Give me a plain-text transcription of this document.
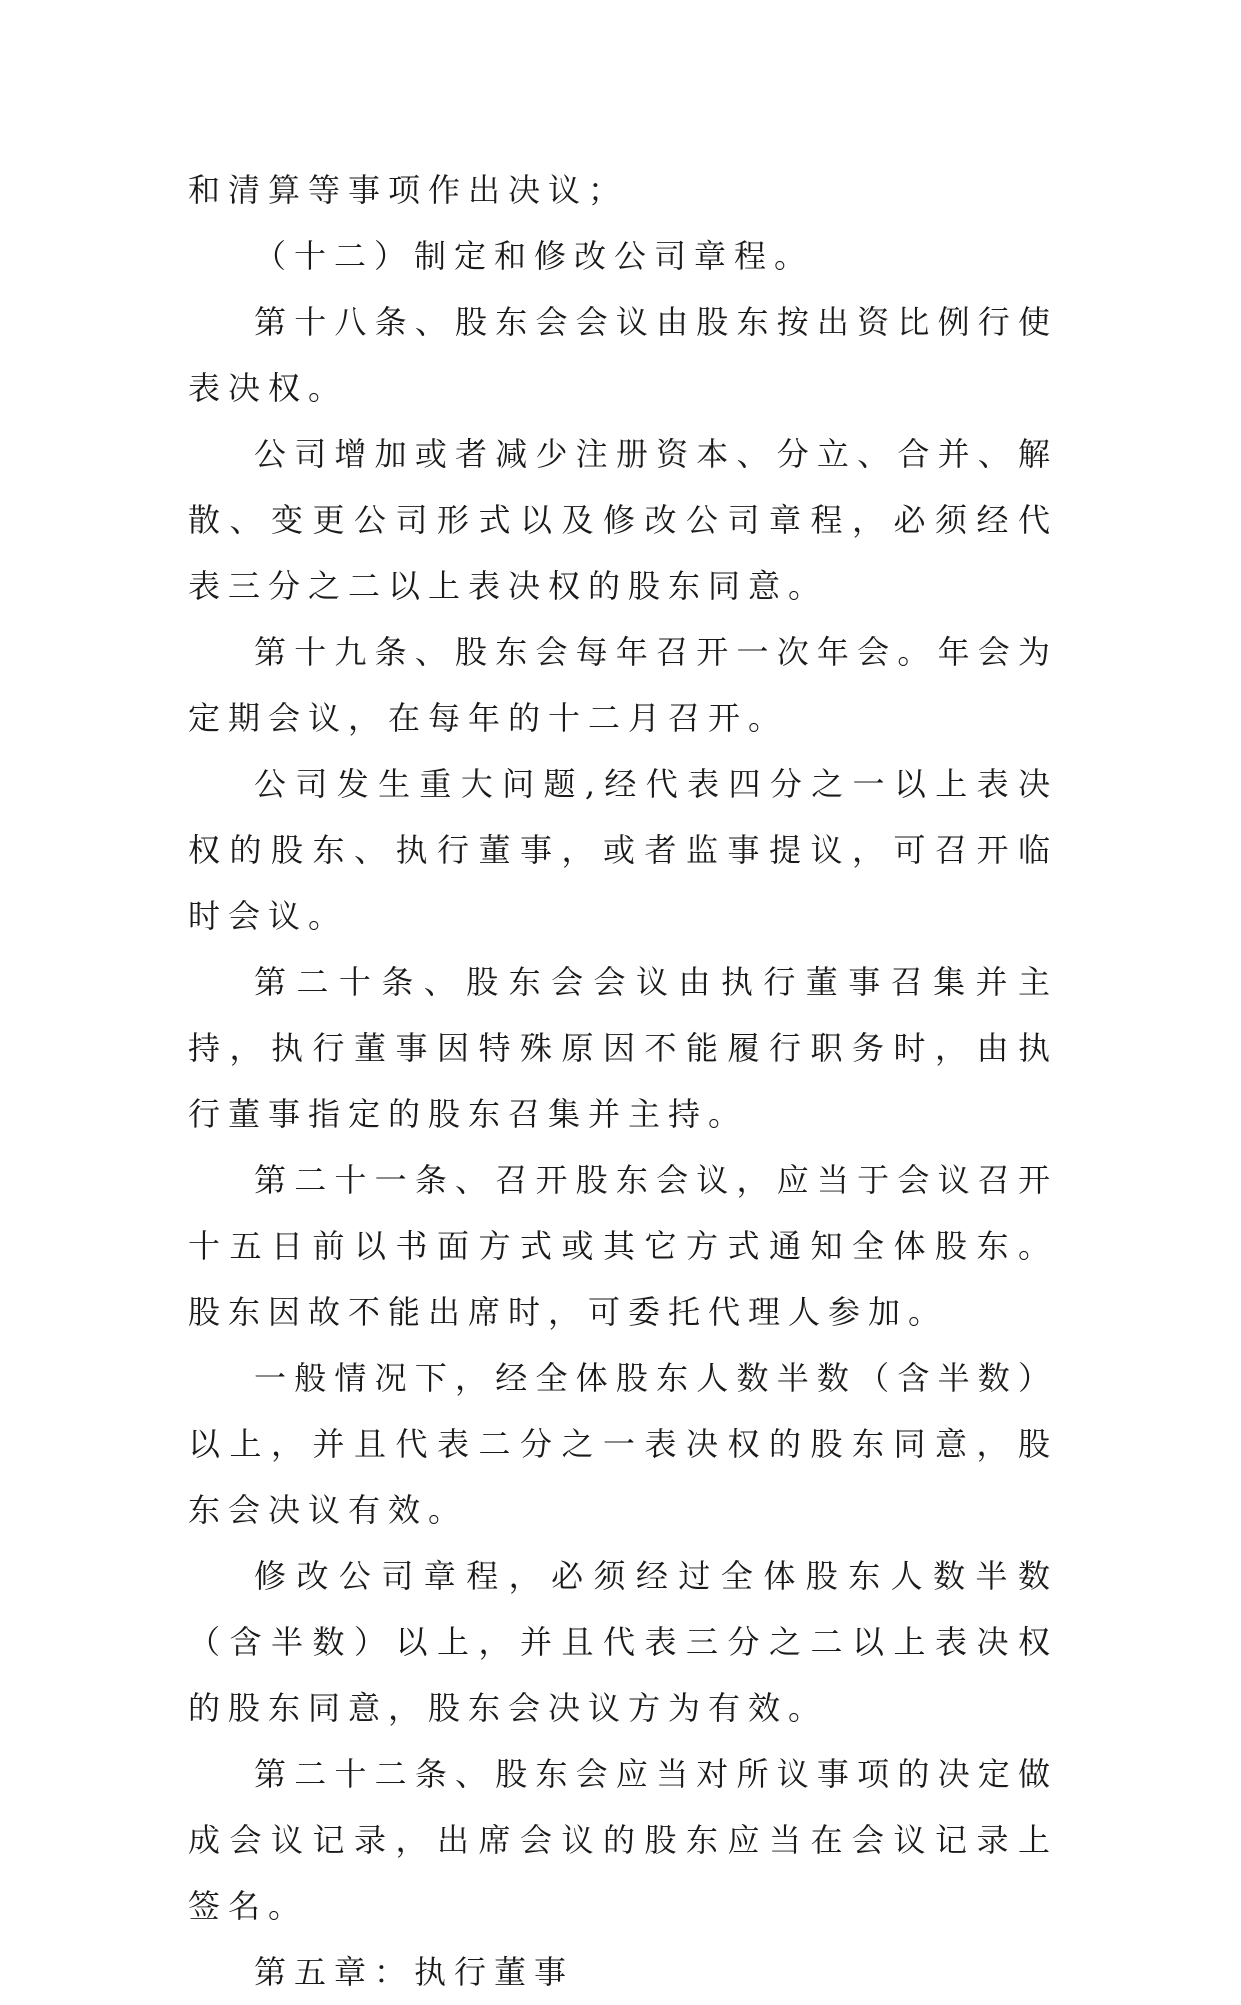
和清算等事项作出决议；

（十二）制定和修改公司章程。

第十八条、股东会会议由股东按出资比例行使表决权。

公司增加或者减少注册资本、分立、合并、解散、变更公司形式以及修改公司章程，必须经代表三分之二以上表决权的股东同意。

第十九条、股东会每年召开一次年会。年会为定期会议，在每年的十二月召开。

公司发生重大问题,经代表四分之一以上表决权的股东、执行董事，或者监事提议，可召开临时会议。

第二十条、股东会会议由执行董事召集并主持，执行董事因特殊原因不能履行职务时，由执行董事指定的股东召集并主持。

第二十一条、召开股东会议，应当于会议召开十五日前以书面方式或其它方式通知全体股东。股东因故不能出席时，可委托代理人参加。

一般情况下，经全体股东人数半数（含半数）以上，并且代表二分之一表决权的股东同意，股东会决议有效。

修改公司章程，必须经过全体股东人数半数（含半数）以上，并且代表三分之二以上表决权的股东同意，股东会决议方为有效。

第二十二条、股东会应当对所议事项的决定做成会议记录，出席会议的股东应当在会议记录上签名。

第五章：执行董事
